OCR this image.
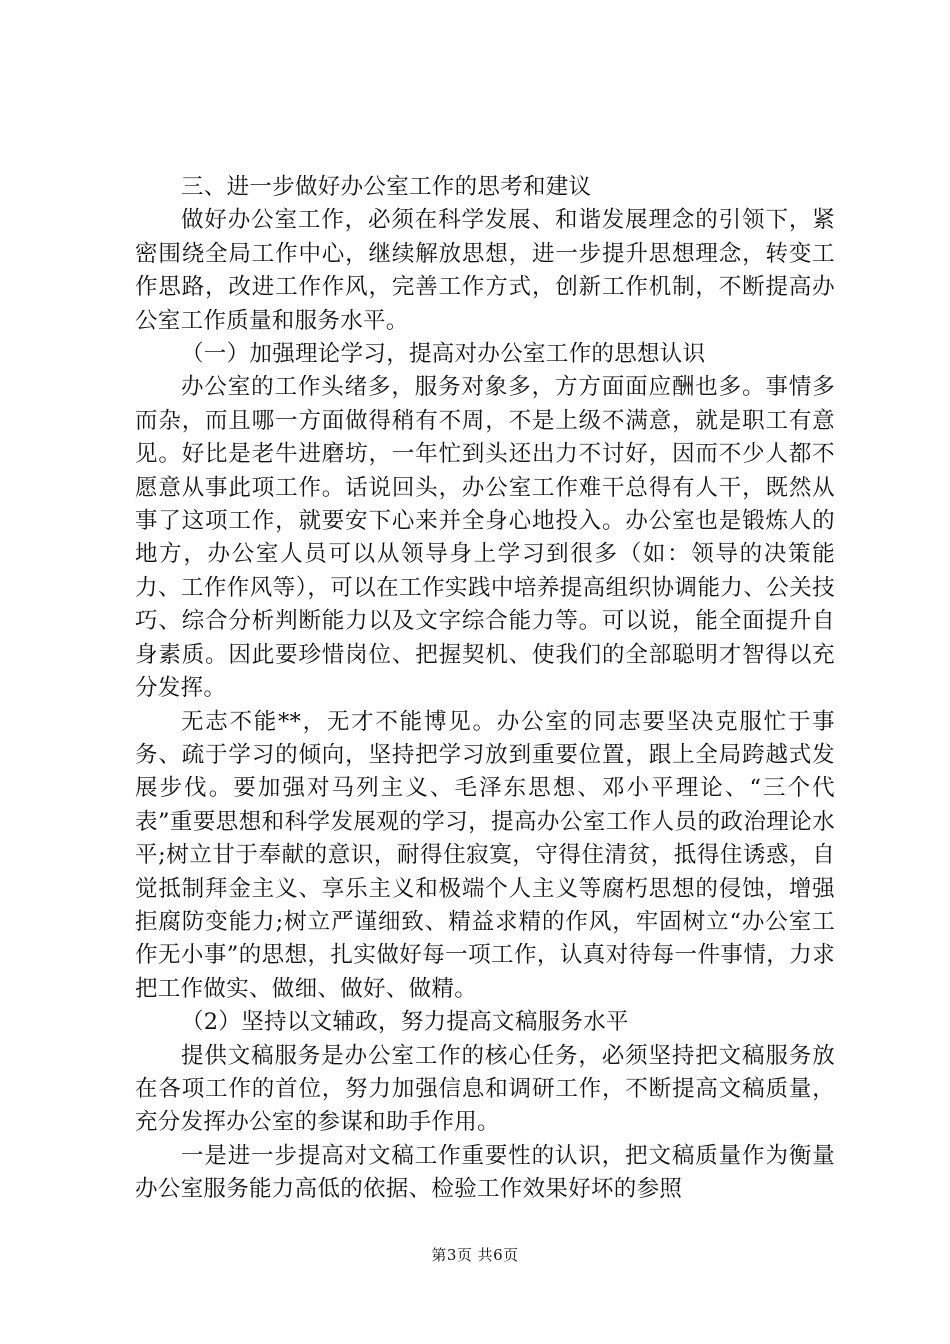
三、进一步做好办公室工作的思考和建议

做好办公室工作，必须在科学发展、和谐发展理念的引领下，紧密围绕全局工作中心，继续解放思想，进一步提升思想理念，转变工作思路，改进工作作风，完善工作方式，创新工作机制，不断提高办公室工作质量和服务水平。

（一）加强理论学习，提高对办公室工作的思想认识

办公室的工作头绪多，服务对象多，方方面面应酬也多。事情多而杂，而且哪一方面做得稍有不周，不是上级不满意，就是职工有意见。好比是老牛进磨坊，一年忙到头还出力不讨好，因而不少人都不愿意从事此项工作。话说回头，办公室工作难干总得有人干，既然从事了这项工作，就要安下心来并全身心地投入。办公室也是锻炼人的地方，办公室人员可以从领导身上学习到很多（如：领导的决策能力、工作作风等），可以在工作实践中培养提高组织协调能力、公关技巧、综合分析判断能力以及文字综合能力等。可以说，能全面提升自身素质。因此要珍惜岗位、把握契机、使我们的全部聪明才智得以充分发挥。

无志不能**，无才不能博见。办公室的同志要坚决克服忙于事务、疏于学习的倾向，坚持把学习放到重要位置，跟上全局跨越式发展步伐。要加强对马列主义、毛泽东思想、邓小平理论、“三个代表”重要思想和科学发展观的学习，提高办公室工作人员的政治理论水平;树立甘于奉献的意识，耐得住寂寞，守得住清贫，抵得住诱惑，自觉抵制拜金主义、享乐主义和极端个人主义等腐朽思想的侵蚀，增强拒腐防变能力;树立严谨细致、精益求精的作风，牢固树立“办公室工作无小事”的思想，扎实做好每一项工作，认真对待每一件事情，力求把工作做实、做细、做好、做精。

（2）坚持以文辅政，努力提高文稿服务水平

提供文稿服务是办公室工作的核心任务，必须坚持把文稿服务放在各项工作的首位，努力加强信息和调研工作，不断提高文稿质量，充分发挥办公室的参谋和助手作用。

一是进一步提高对文稿工作重要性的认识，把文稿质量作为衡量办公室服务能力高低的依据、检验工作效果好坏的参照

第3页 共6页
